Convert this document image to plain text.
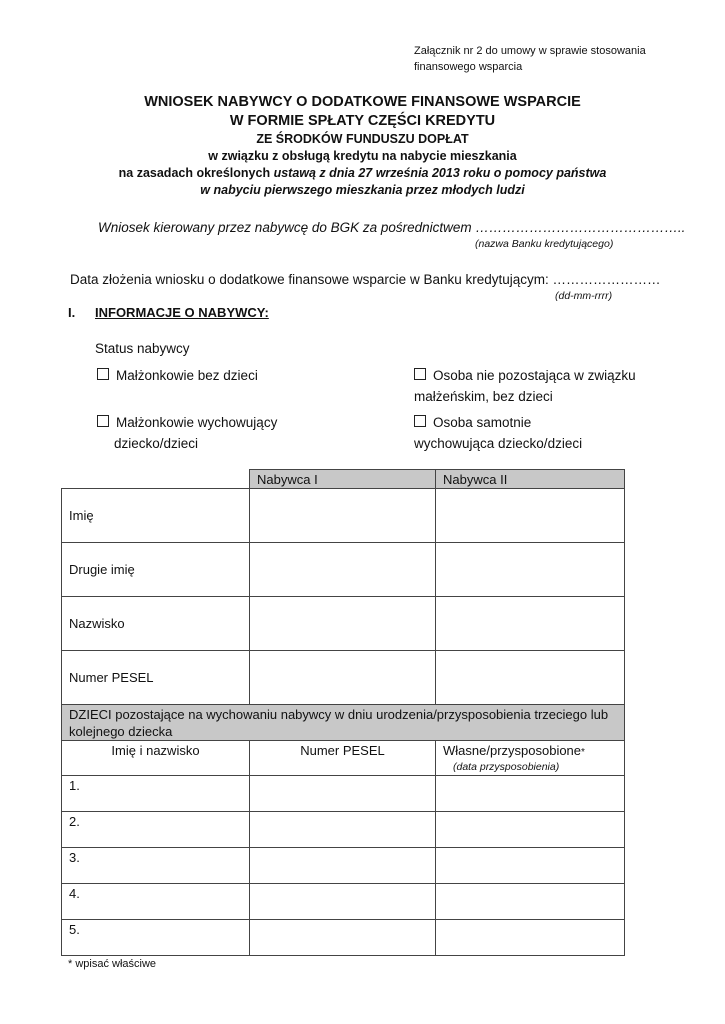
Załącznik nr 2 do umowy w sprawie stosowania
finansowego wsparcia
WNIOSEK NABYWCY O DODATKOWE FINANSOWE WSPARCIE
W FORMIE SPŁATY CZĘŚCI KREDYTU
ZE ŚRODKÓW FUNDUSZU DOPŁAT
w związku z obsługą kredytu na nabycie mieszkania
na zasadach określonych ustawą z dnia 27 września 2013 roku o pomocy państwa
w nabyciu pierwszego mieszkania przez młodych ludzi
Wniosek kierowany przez nabywcę do BGK za pośrednictwem ………………………………………..
(nazwa Banku kredytującego)
Data złożenia wniosku o dodatkowe finansowe wsparcie w Banku kredytującym: ……………………
(dd-mm-rrrr)
I. INFORMACJE O NABYWCY:
Status nabywcy
Małżonkowie bez dzieci	Osoba nie pozostająca w związku
małżeńskim, bez dzieci
Małżonkowie wychowujący
dziecko/dzieci
Osoba samotnie
wychowująca dziecko/dzieci
	Nabywca I	Nabywca II
Imię		
Drugie imię		
Nazwisko		
Numer PESEL		
DZIECI pozostające na wychowaniu nabywcy w dniu urodzenia/przysposobienia trzeciego lub kolejnego dziecka		
Imię i nazwisko	Numer PESEL	Własne/przysposobione*
(data przysposobienia)

1.		
2.		
3.		
4.		
5.		
* wpisać właściwe
